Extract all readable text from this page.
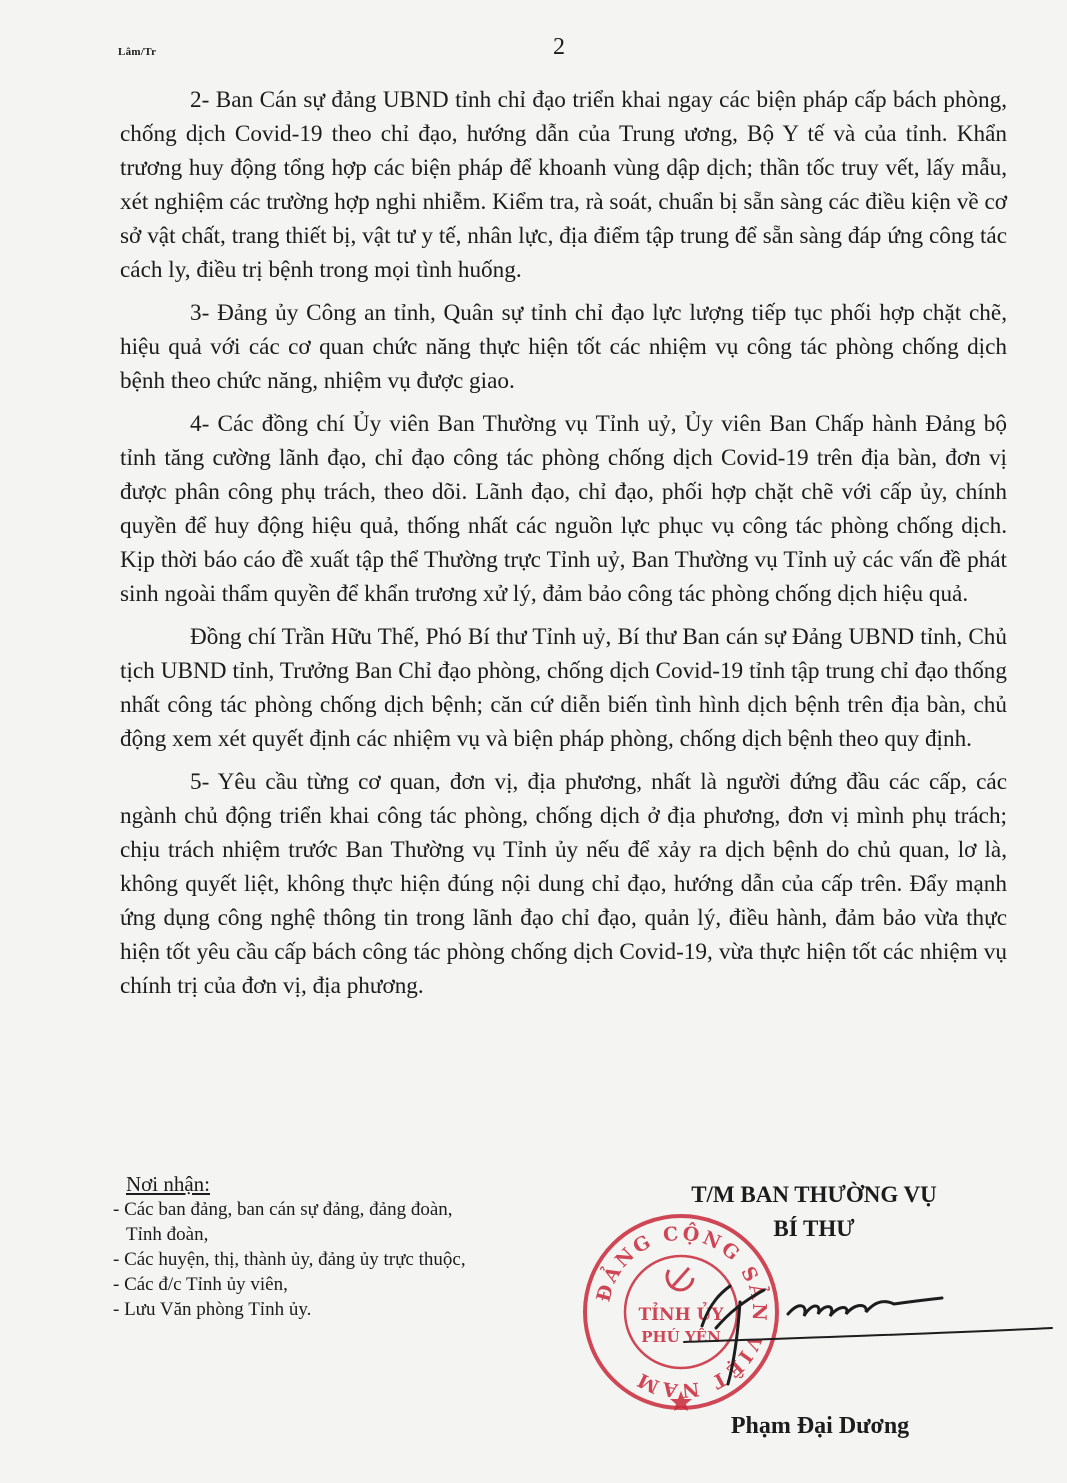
Lâm/Tr	2

2- Ban Cán sự đảng UBND tỉnh chỉ đạo triển khai ngay các biện pháp cấp bách phòng, chống dịch Covid-19 theo chỉ đạo, hướng dẫn của Trung ương, Bộ Y tế và của tỉnh. Khẩn trương huy động tổng hợp các biện pháp để khoanh vùng dập dịch; thần tốc truy vết, lấy mẫu, xét nghiệm các trường hợp nghi nhiễm. Kiểm tra, rà soát, chuẩn bị sẵn sàng các điều kiện về cơ sở vật chất, trang thiết bị, vật tư y tế, nhân lực, địa điểm tập trung để sẵn sàng đáp ứng công tác cách ly, điều trị bệnh trong mọi tình huống.

3- Đảng ủy Công an tỉnh, Quân sự tỉnh chỉ đạo lực lượng tiếp tục phối hợp chặt chẽ, hiệu quả với các cơ quan chức năng thực hiện tốt các nhiệm vụ công tác phòng chống dịch bệnh theo chức năng, nhiệm vụ được giao.

4- Các đồng chí Ủy viên Ban Thường vụ Tỉnh uỷ, Ủy viên Ban Chấp hành Đảng bộ tỉnh tăng cường lãnh đạo, chỉ đạo công tác phòng chống dịch Covid-19 trên địa bàn, đơn vị được phân công phụ trách, theo dõi. Lãnh đạo, chỉ đạo, phối hợp chặt chẽ với cấp ủy, chính quyền để huy động hiệu quả, thống nhất các nguồn lực phục vụ công tác phòng chống dịch. Kịp thời báo cáo đề xuất tập thể Thường trực Tỉnh uỷ, Ban Thường vụ Tỉnh uỷ các vấn đề phát sinh ngoài thẩm quyền để khẩn trương xử lý, đảm bảo công tác phòng chống dịch hiệu quả.

Đồng chí Trần Hữu Thế, Phó Bí thư Tỉnh uỷ, Bí thư Ban cán sự Đảng UBND tỉnh, Chủ tịch UBND tỉnh, Trưởng Ban Chỉ đạo phòng, chống dịch Covid-19 tỉnh tập trung chỉ đạo thống nhất công tác phòng chống dịch bệnh; căn cứ diễn biến tình hình dịch bệnh trên địa bàn, chủ động xem xét quyết định các nhiệm vụ và biện pháp phòng, chống dịch bệnh theo quy định.

5- Yêu cầu từng cơ quan, đơn vị, địa phương, nhất là người đứng đầu các cấp, các ngành chủ động triển khai công tác phòng, chống dịch ở địa phương, đơn vị mình phụ trách; chịu trách nhiệm trước Ban Thường vụ Tỉnh ủy nếu để xảy ra dịch bệnh do chủ quan, lơ là, không quyết liệt, không thực hiện đúng nội dung chỉ đạo, hướng dẫn của cấp trên. Đẩy mạnh ứng dụng công nghệ thông tin trong lãnh đạo chỉ đạo, quản lý, điều hành, đảm bảo vừa thực hiện tốt yêu cầu cấp bách công tác phòng chống dịch Covid-19, vừa thực hiện tốt các nhiệm vụ chính trị của đơn vị, địa phương.

Nơi nhận:

- Các ban đảng, ban cán sự đảng, đảng đoàn,

Tỉnh đoàn,

- Các huyện, thị, thành ủy, đảng ủy trực thuộc,

- Các đ/c Tỉnh ủy viên,

- Lưu Văn phòng Tỉnh ủy.

T/M BAN THƯỜNG VỤ
BÍ THƯ
ĐẢNG CỘNG SẢN VIỆT NAM
TỈNH ỦY
PHÚ YÊN
Phạm Đại Dương
